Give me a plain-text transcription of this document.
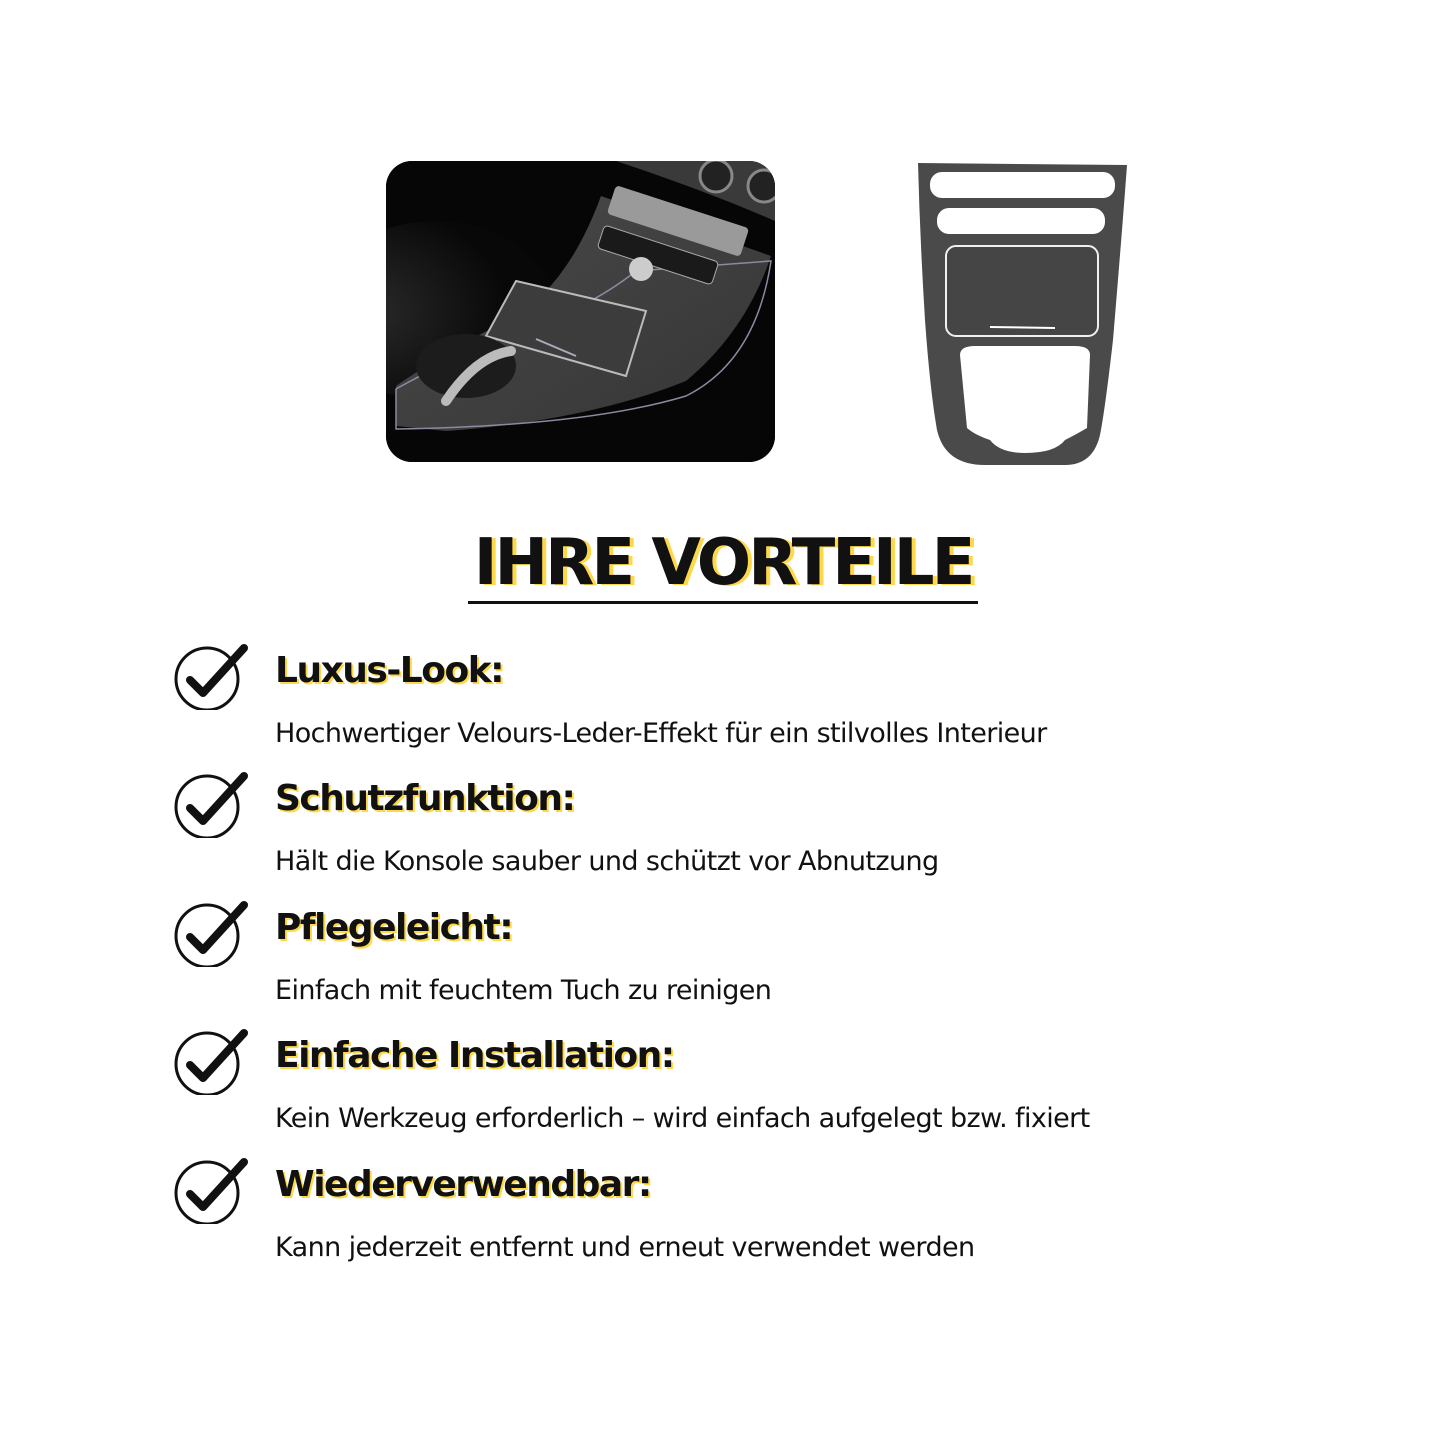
IHRE VORTEILE
Luxus-Look:
Hochwertiger Velours-Leder-Effekt für ein stilvolles Interieur
Schutzfunktion:
Hält die Konsole sauber und schützt vor Abnutzung
Pflegeleicht:
Einfach mit feuchtem Tuch zu reinigen
Einfache Installation:
Kein Werkzeug erforderlich – wird einfach aufgelegt bzw. fixiert
Wiederverwendbar:
Kann jederzeit entfernt und erneut verwendet werden
